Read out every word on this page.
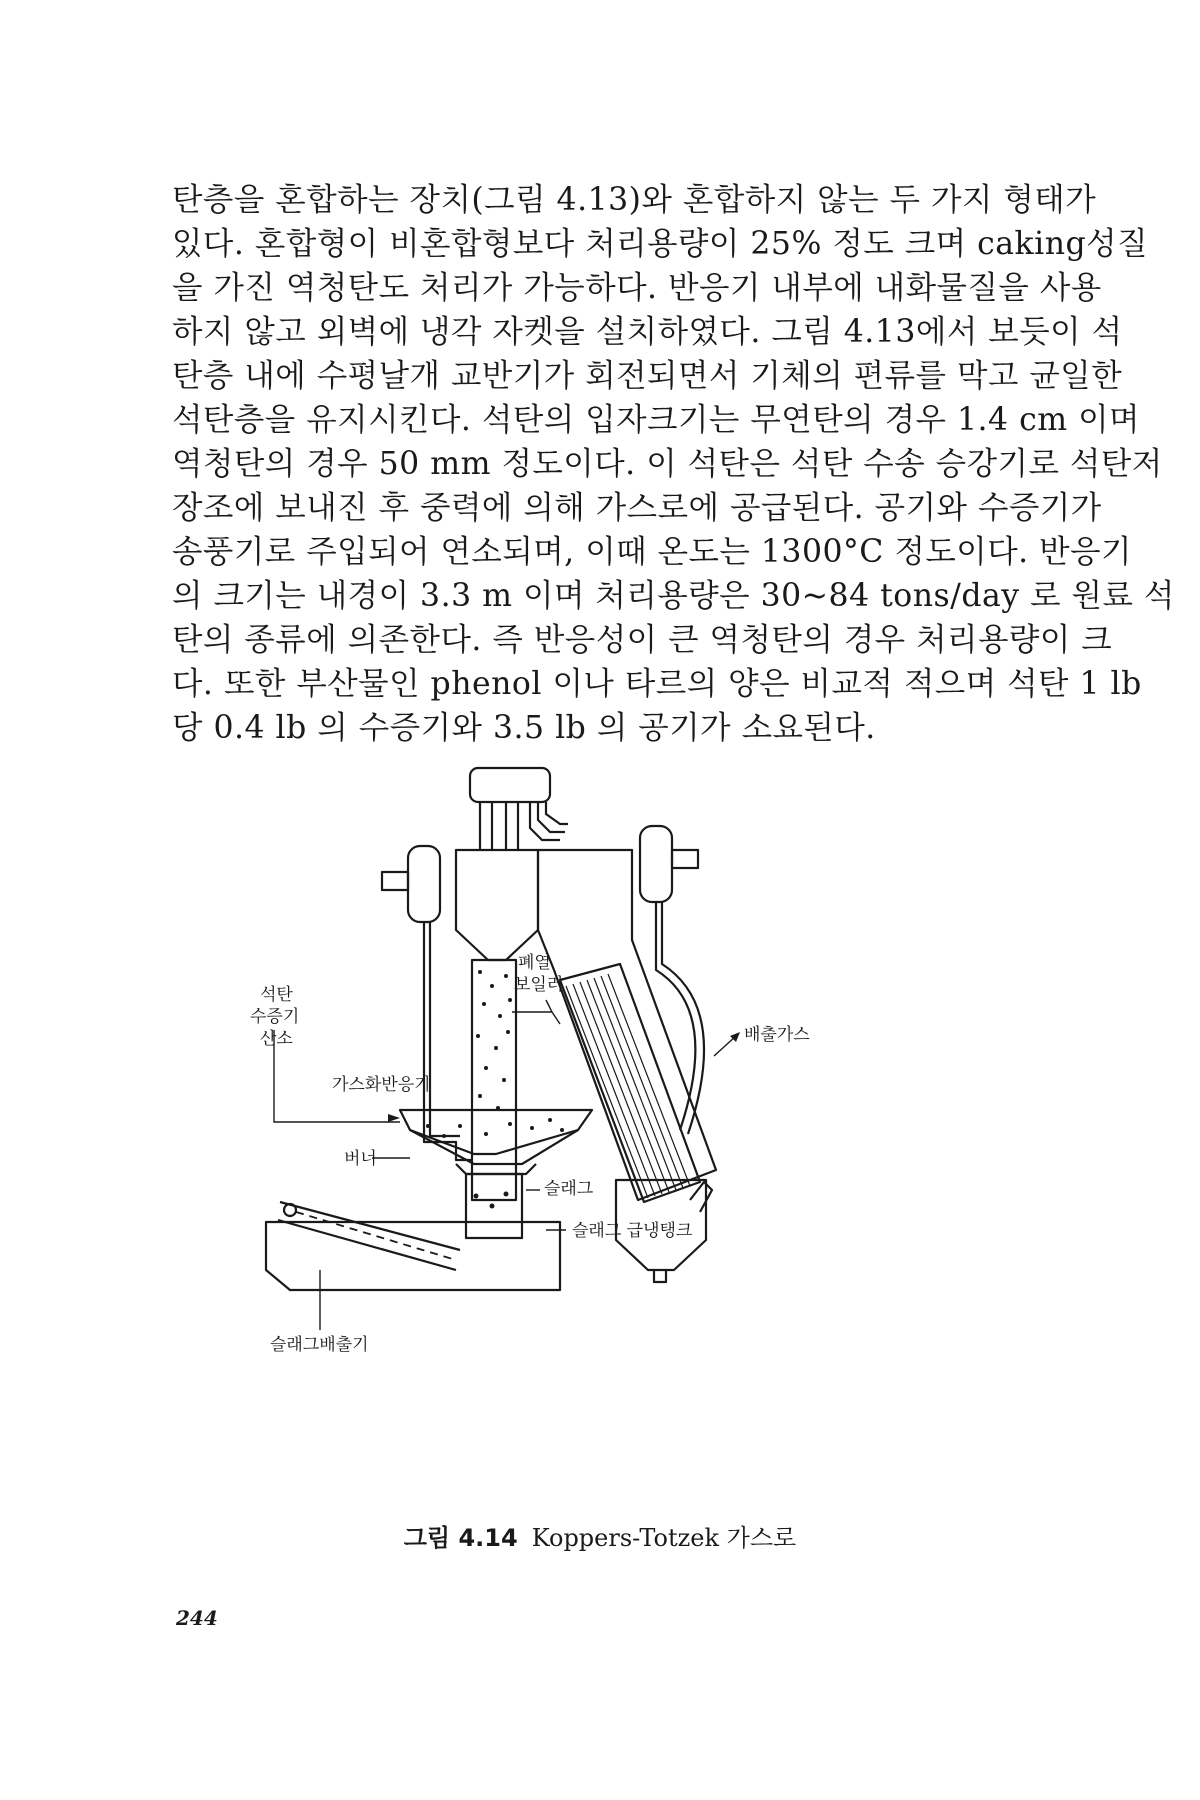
탄층을 혼합하는 장치(그림 4.13)와 혼합하지 않는 두 가지 형태가
있다. 혼합형이 비혼합형보다 처리용량이 25% 정도 크며 caking성질
을 가진 역청탄도 처리가 가능하다. 반응기 내부에 내화물질을 사용
하지 않고 외벽에 냉각 자켓을 설치하였다. 그림 4.13에서 보듯이 석
탄층 내에 수평날개 교반기가 회전되면서 기체의 편류를 막고 균일한
석탄층을 유지시킨다. 석탄의 입자크기는 무연탄의 경우 1.4 cm 이며
역청탄의 경우 50 mm 정도이다. 이 석탄은 석탄 수송 승강기로 석탄저
장조에 보내진 후 중력에 의해 가스로에 공급된다. 공기와 수증기가
송풍기로 주입되어 연소되며, 이때 온도는 1300°C 정도이다. 반응기
의 크기는 내경이 3.3 m 이며 처리용량은 30~84 tons/day 로 원료 석
탄의 종류에 의존한다. 즉 반응성이 큰 역청탄의 경우 처리용량이 크
다. 또한 부산물인 phenol 이나 타르의 양은 비교적 적으며 석탄 1 lb
당 0.4 lb 의 수증기와 3.5 lb 의 공기가 소요된다.
폐열
보일러
석탄
수증기
산소	배출가스
가스화반응기
버너
슬래그
슬래그 급냉탱크
슬래그배출기
그림 4.14 Koppers-Totzek 가스로
244
